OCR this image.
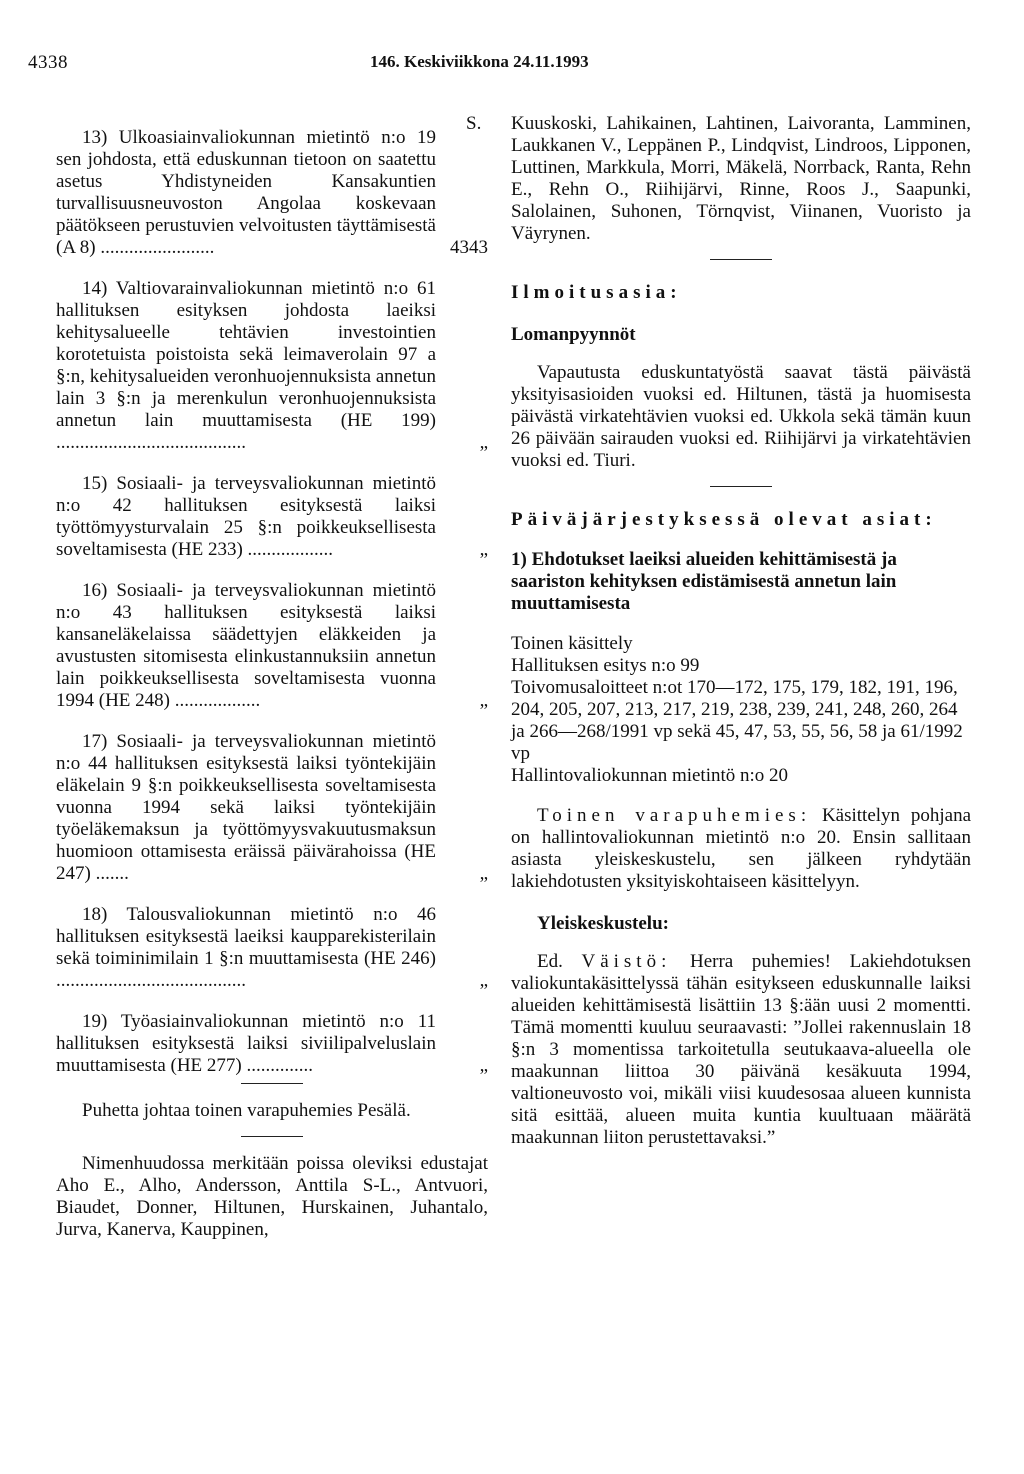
4338	146. Keskiviikkona 24.11.1993
13) Ulkoasiainvaliokunnan mietintö n:o 19 sen johdosta, että eduskunnan tietoon on saatettu asetus Yhdistyneiden Kansakuntien turvallisuusneuvoston Angolaa koskevaan päätökseen perustuvien velvoitusten täyttämisestä (A 8) ........................	4343
14) Valtiovarainvaliokunnan mietintö n:o 61 hallituksen esityksen johdosta laeiksi kehitysalueelle tehtävien investointien korotetuista poistoista sekä leimaverolain 97 a §:n, kehitysalueiden veronhuojennuksista annetun lain 3 §:n ja merenkulun veronhuojennuksista annetun lain muuttamisesta (HE 199) ........................................	„
15) Sosiaali- ja terveysvaliokunnan mietintö n:o 42 hallituksen esityksestä laiksi työttömyysturvalain 25 §:n poikkeuksellisesta soveltamisesta (HE 233) ..................	„
16) Sosiaali- ja terveysvaliokunnan mietintö n:o 43 hallituksen esityksestä laiksi kansaneläkelaissa säädettyjen eläkkeiden ja avustusten sitomisesta elinkustannuksiin annetun lain poikkeuksellisesta soveltamisesta vuonna 1994 (HE 248) ..................	„
17) Sosiaali- ja terveysvaliokunnan mietintö n:o 44 hallituksen esityksestä laiksi työntekijäin eläkelain 9 §:n poikkeuksellisesta soveltamisesta vuonna 1994 sekä laiksi työntekijäin työeläkemaksun ja työttömyysvakuutusmaksun huomioon ottamisesta eräissä päivärahoissa (HE 247) .......	„
18) Talousvaliokunnan mietintö n:o 46 hallituksen esityksestä laeiksi kaupparekisterilain sekä toiminimilain 1 §:n muuttamisesta (HE 246) ........................................	„
19) Työasiainvaliokunnan mietintö n:o 11 hallituksen esityksestä laiksi siviilipalveluslain muuttamisesta (HE 277) ..............	„

Puhetta johtaa toinen varapuhemies Pesälä.

Nimenhuudossa merkitään poissa oleviksi edustajat Aho E., Alho, Andersson, Anttila S-L., Antvuori, Biaudet, Donner, Hiltunen, Hurskainen, Juhantalo, Jurva, Kanerva, Kauppinen,

S. Kuuskoski, Lahikainen, Lahtinen, Laivoranta, Lamminen, Laukkanen V., Leppänen P., Lindqvist, Lindroos, Lipponen, Luttinen, Markkula, Morri, Mäkelä, Norrback, Ranta, Rehn E., Rehn O., Riihijärvi, Rinne, Roos J., Saapunki, Salolainen, Suhonen, Törnqvist, Viinanen, Vuoristo ja Väyrynen.

Ilmoitusasia:

Lomanpyynnöt

Vapautusta eduskuntatyöstä saavat tästä päivästä yksityisasioiden vuoksi ed. Hiltunen, tästä ja huomisesta päivästä virkatehtävien vuoksi ed. Ukkola sekä tämän kuun 26 päivään sairauden vuoksi ed. Riihijärvi ja virkatehtävien vuoksi ed. Tiuri.

Päiväjärjestyksessä olevat asiat:

1) Ehdotukset laeiksi alueiden kehittämisestä ja saariston kehityksen edistämisestä annetun lain muuttamisesta

Toinen käsittely

Hallituksen esitys n:o 99

Toivomusaloitteet n:ot 170—172, 175, 179, 182, 191, 196, 204, 205, 207, 213, 217, 219, 238, 239, 241, 248, 260, 264 ja 266—268/1991 vp sekä 45, 47, 53, 55, 56, 58 ja 61/1992 vp

Hallintovaliokunnan mietintö n:o 20

Toinen varapuhemies: Käsittelyn pohjana on hallintovaliokunnan mietintö n:o 20. Ensin sallitaan asiasta yleiskeskustelu, sen jälkeen ryhdytään lakiehdotusten yksityiskohtaiseen käsittelyyn.

Yleiskeskustelu:

Ed. Väistö: Herra puhemies! Lakiehdotuksen valiokuntakäsittelyssä tähän esitykseen eduskunnalle laiksi alueiden kehittämisestä lisättiin 13 §:ään uusi 2 momentti. Tämä momentti kuuluu seuraavasti: ”Jollei rakennuslain 18 §:n 3 momentissa tarkoitetulla seutukaava-alueella ole maakunnan liittoa 30 päivänä kesäkuuta 1994, valtioneuvosto voi, mikäli viisi kuudesosaa alueen kunnista sitä esittää, alueen muita kuntia kuultuaan määrätä maakunnan liiton perustettavaksi.”
